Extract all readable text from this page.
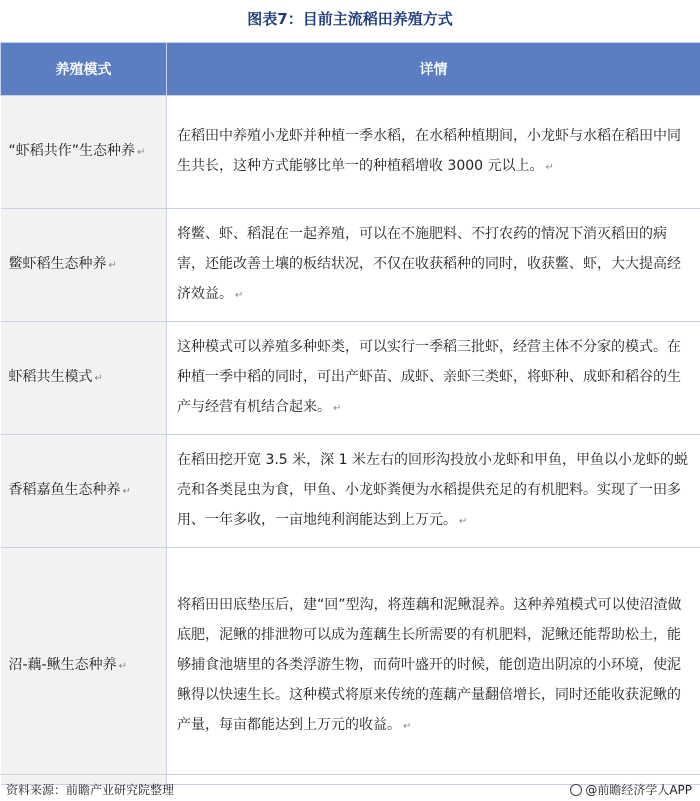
图表7：目前主流稻田养殖方式
养殖模式	详情
“虾稻共作”生态种养 ↵	在稻田中养殖小龙虾并种植一季水稻，在水稻种植期间，小龙虾与水稻在稻田中同生共长，这种方式能够比单一的种植稻增收 3000 元以上。 ↵
鳖虾稻生态种养 ↵	将鳖、虾、稻混在一起养殖，可以在不施肥料、不打农药的情况下消灭稻田的病害，还能改善土壤的板结状况，不仅在收获稻种的同时，收获鳖、虾，大大提高经济效益。 ↵
虾稻共生模式 ↵	这种模式可以养殖多种虾类，可以实行一季稻三批虾，经营主体不分家的模式。在种植一季中稻的同时，可出产虾苗、成虾、亲虾三类虾，将虾种、成虾和稻谷的生产与经营有机结合起来。 ↵
香稻嘉鱼生态种养 ↵	在稻田挖开宽 3.5 米，深 1 米左右的回形沟投放小龙虾和甲鱼，甲鱼以小龙虾的蜕壳和各类昆虫为食，甲鱼、小龙虾粪便为水稻提供充足的有机肥料。实现了一田多用、一年多收，一亩地纯利润能达到上万元。 ↵
沼-藕-鳅生态种养 ↵	将稻田田底垫压后，建“回”型沟，将莲藕和泥鳅混养。这种养殖模式可以使沼渣做底肥，泥鳅的排泄物可以成为莲藕生长所需要的有机肥料，泥鳅还能帮助松土，能够捕食池塘里的各类浮游生物，而荷叶盛开的时候，能创造出阴凉的小环境，使泥鳅得以快速生长。这种模式将原来传统的莲藕产量翻倍增长，同时还能收获泥鳅的产量，每亩都能达到上万元的收益。 ↵
资料来源：前瞻产业研究院整理	@前瞻经济学人APP
